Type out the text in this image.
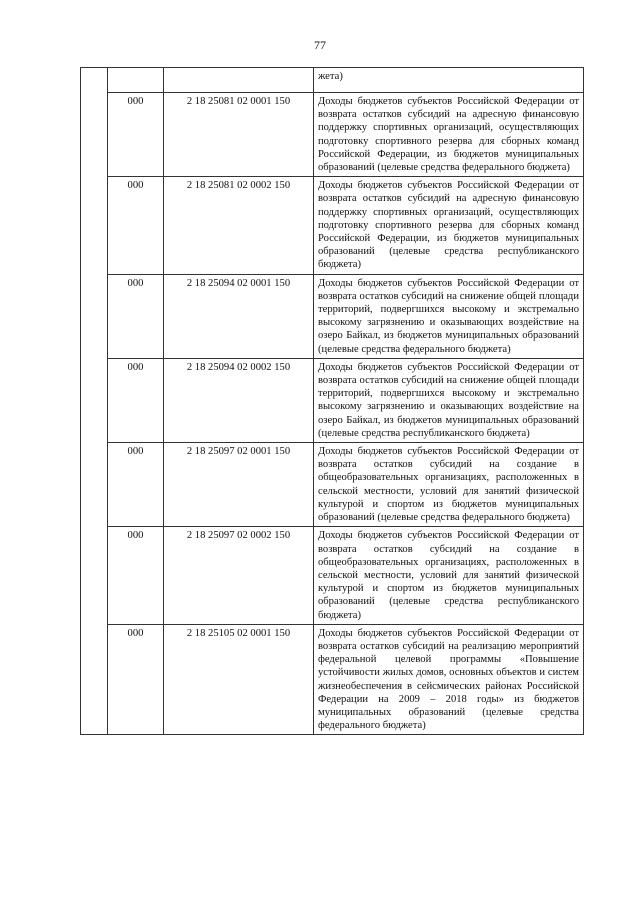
77
			жета)
	000	2 18 25081 02 0001 150	Доходы бюджетов субъектов Российской Федерации от возврата остатков субсидий на адресную финансовую поддержку спортивных организаций, осуществляющих подготовку спортивного резерва для сборных команд Российской Федерации, из бюджетов муниципальных образований (целевые средства федерального бюджета)
	000	2 18 25081 02 0002 150	Доходы бюджетов субъектов Российской Федерации от возврата остатков субсидий на адресную финансовую поддержку спортивных организаций, осуществляющих подготовку спортивного резерва для сборных команд Российской Федерации, из бюджетов муниципальных образований (целевые средства республиканского бюджета)
	000	2 18 25094 02 0001 150	Доходы бюджетов субъектов Российской Федерации от возврата остатков субсидий на снижение общей площади территорий, подвергшихся высокому и экстремально высокому загрязнению и оказывающих воздействие на озеро Байкал, из бюджетов муниципальных образований (целевые средства федерального бюджета)
	000	2 18 25094 02 0002 150	Доходы бюджетов субъектов Российской Федерации от возврата остатков субсидий на снижение общей площади территорий, подвергшихся высокому и экстремально высокому загрязнению и оказывающих воздействие на озеро Байкал, из бюджетов муниципальных образований (целевые средства республиканского бюджета)
	000	2 18 25097 02 0001 150	Доходы бюджетов субъектов Российской Федерации от возврата остатков субсидий на создание в общеобразовательных организациях, расположенных в сельской местности, условий для занятий физической культурой и спортом из бюджетов муниципальных образований (целевые средства федерального бюджета)
	000	2 18 25097 02 0002 150	Доходы бюджетов субъектов Российской Федерации от возврата остатков субсидий на создание в общеобразовательных организациях, расположенных в сельской местности, условий для занятий физической культурой и спортом из бюджетов муниципальных образований (целевые средства республиканского бюджета)
	000	2 18 25105 02 0001 150	Доходы бюджетов субъектов Российской Федерации от возврата остатков субсидий на реализацию мероприятий федеральной целевой программы «Повышение устойчивости жилых домов, основных объектов и систем жизнеобеспечения в сейсмических районах Российской Федерации на 2009 – 2018 годы» из бюджетов муниципальных образований (целевые средства федерального бюджета)
